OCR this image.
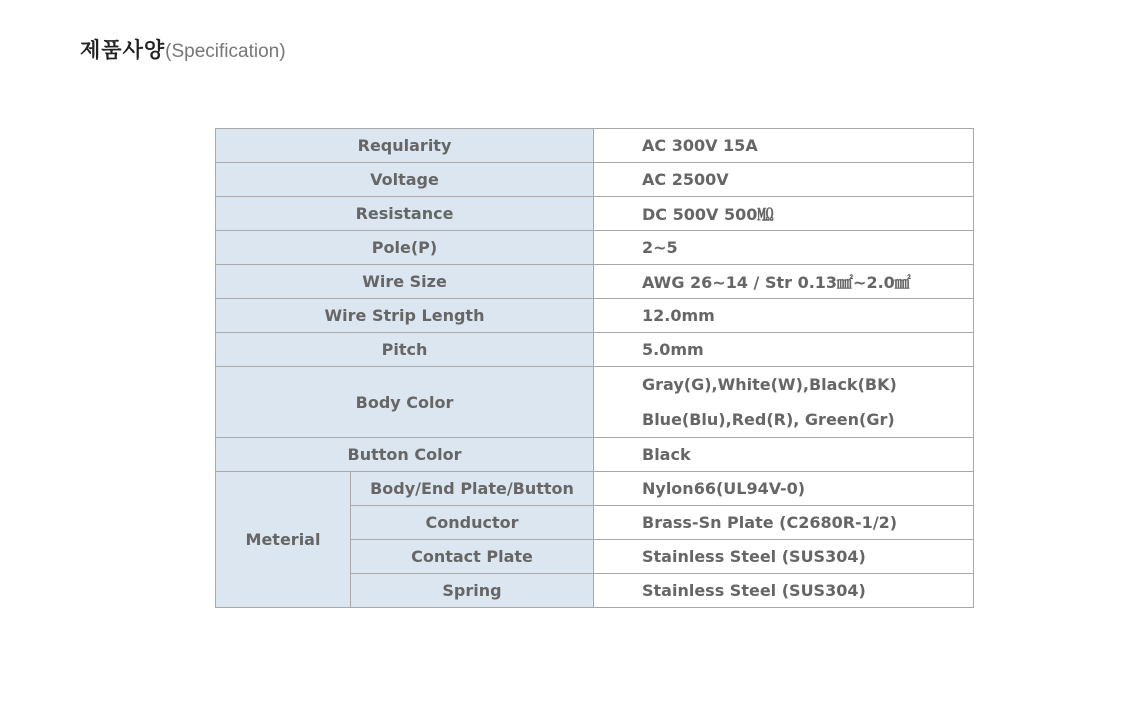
제품사양(Specification)
Reqularity		AC 300V 15A
Voltage		AC 2500V
Resistance		DC 500V 500㏁
Pole(P)		2~5
Wire Size		AWG 26~14 / Str 0.13㎟~2.0㎟
Wire Strip Length		12.0mm
Pitch		5.0mm
Body Color		Gray(G),White(W),Black(BK)
Blue(Blu),Red(R), Green(Gr)

Button Color		Black
Meterial	Body/End Plate/Button	Nylon66(UL94V-0)
	Conductor	Brass-Sn Plate (C2680R-1/2)
	Contact Plate	Stainless Steel (SUS304)
	Spring	Stainless Steel (SUS304)
